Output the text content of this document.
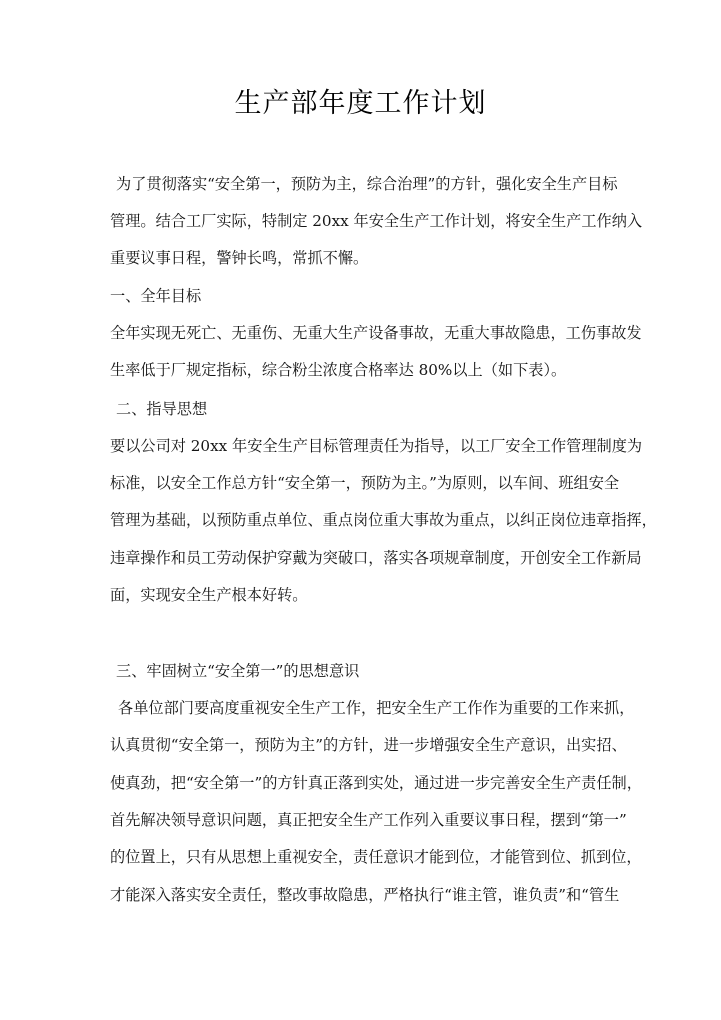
生产部年度工作计划
为了贯彻落实“安全第一，预防为主，综合治理”的方针，强化安全生产目标
管理。结合工厂实际，特制定 20xx 年安全生产工作计划，将安全生产工作纳入
重要议事日程，警钟长鸣，常抓不懈。
一、全年目标
全年实现无死亡、无重伤、无重大生产设备事故，无重大事故隐患，工伤事故发
生率低于厂规定指标，综合粉尘浓度合格率达 80%以上（如下表）。
二、指导思想
要以公司对 20xx 年安全生产目标管理责任为指导，以工厂安全工作管理制度为
标准，以安全工作总方针“安全第一，预防为主。”为原则，以车间、班组安全
管理为基础，以预防重点单位、重点岗位重大事故为重点，以纠正岗位违章指挥，
违章操作和员工劳动保护穿戴为突破口，落实各项规章制度，开创安全工作新局
面，实现安全生产根本好转。
三、牢固树立“安全第一”的思想意识
各单位部门要高度重视安全生产工作，把安全生产工作作为重要的工作来抓，
认真贯彻“安全第一，预防为主”的方针，进一步增强安全生产意识，出实招、
使真劲，把“安全第一”的方针真正落到实处，通过进一步完善安全生产责任制，
首先解决领导意识问题，真正把安全生产工作列入重要议事日程，摆到“第一”
的位置上，只有从思想上重视安全，责任意识才能到位，才能管到位、抓到位，
才能深入落实安全责任，整改事故隐患，严格执行“谁主管，谁负责”和“管生
